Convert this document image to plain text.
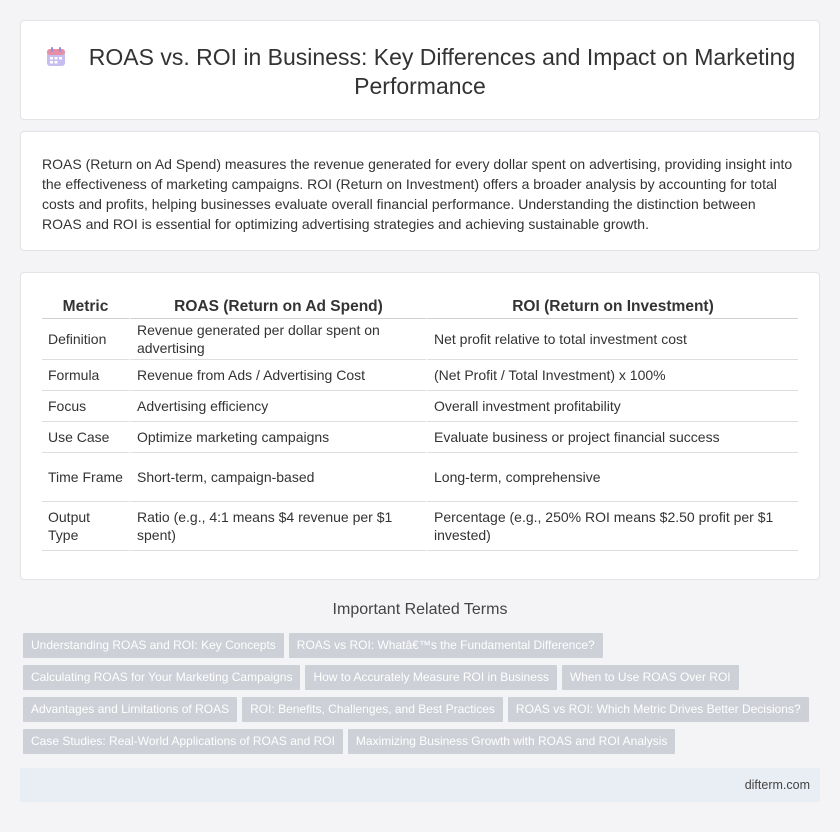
ROAS vs. ROI in Business: Key Differences and Impact on Marketing Performance

ROAS (Return on Ad Spend) measures the revenue generated for every dollar spent on advertising, providing insight into the effectiveness of marketing campaigns. ROI (Return on Investment) offers a broader analysis by accounting for total costs and profits, helping businesses evaluate overall financial performance. Understanding the distinction between ROAS and ROI is essential for optimizing advertising strategies and achieving sustainable growth.

Metric	ROAS (Return on Ad Spend)	ROI (Return on Investment)
Definition	Revenue generated per dollar spent on advertising	Net profit relative to total investment cost
Formula	Revenue from Ads / Advertising Cost	(Net Profit / Total Investment) x 100%
Focus	Advertising efficiency	Overall investment profitability
Use Case	Optimize marketing campaigns	Evaluate business or project financial success
Time Frame	Short-term, campaign-based	Long-term, comprehensive
Output Type	Ratio (e.g., 4:1 means $4 revenue per $1 spent)	Percentage (e.g., 250% ROI means $2.50 profit per $1 invested)
Important Related Terms
Understanding ROAS and ROI: Key Concepts ROAS vs ROI: Whatâ€™s the Fundamental Difference?
Calculating ROAS for Your Marketing Campaigns How to Accurately Measure ROI in Business When to Use ROAS Over ROI
Advantages and Limitations of ROAS ROI: Benefits, Challenges, and Best Practices ROAS vs ROI: Which Metric Drives Better Decisions?
Case Studies: Real-World Applications of ROAS and ROI Maximizing Business Growth with ROAS and ROI Analysis
difterm.com
